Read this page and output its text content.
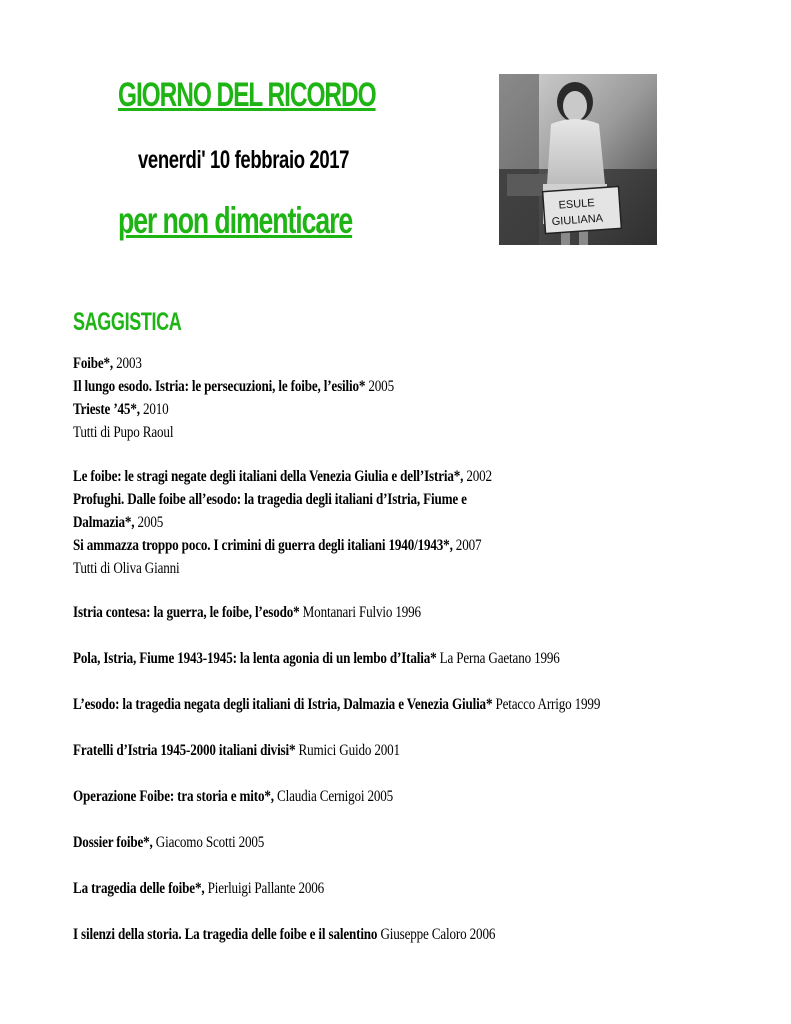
GIORNO DEL RICORDO
venerdi' 10 febbraio 2017
per non dimenticare	ESULE
GIULIANA
SAGGISTICA
Foibe*, 2003
Il lungo esodo. Istria: le persecuzioni, le foibe, l’esilio* 2005
Trieste ’45*, 2010
Tutti di Pupo Raoul
Le foibe: le stragi negate degli italiani della Venezia Giulia e dell’Istria*, 2002
Profughi. Dalle foibe all’esodo: la tragedia degli italiani d’Istria, Fiume e
Dalmazia*, 2005
Si ammazza troppo poco. I crimini di guerra degli italiani 1940/1943*, 2007
Tutti di Oliva Gianni
Istria contesa: la guerra, le foibe, l’esodo* Montanari Fulvio 1996
Pola, Istria, Fiume 1943-1945: la lenta agonia di un lembo d’Italia* La Perna Gaetano 1996
L’esodo: la tragedia negata degli italiani di Istria, Dalmazia e Venezia Giulia* Petacco Arrigo 1999
Fratelli d’Istria 1945-2000 italiani divisi* Rumici Guido 2001
Operazione Foibe: tra storia e mito*, Claudia Cernigoi 2005
Dossier foibe*, Giacomo Scotti 2005
La tragedia delle foibe*, Pierluigi Pallante 2006
I silenzi della storia. La tragedia delle foibe e il salentino Giuseppe Caloro 2006
